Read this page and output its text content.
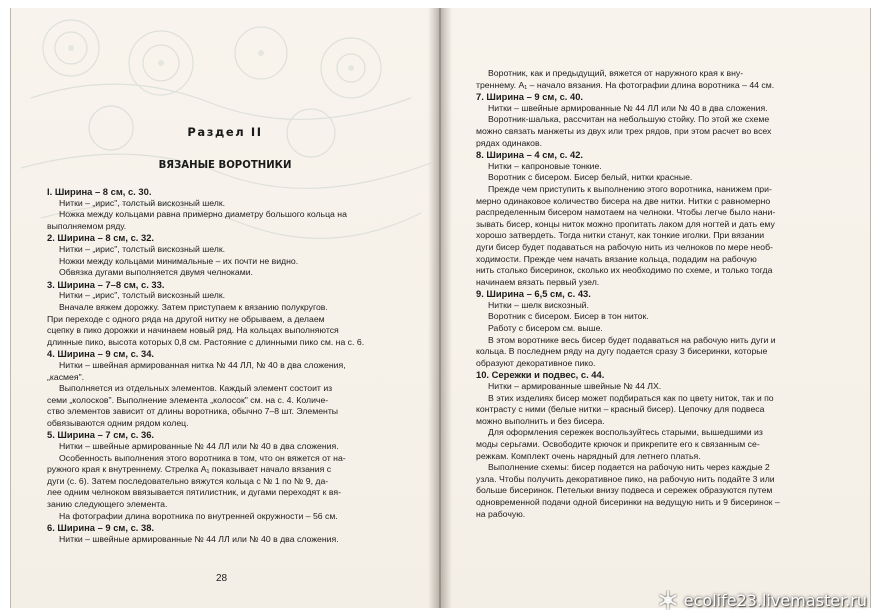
Раздел II
ВЯЗАНЫЕ ВОРОТНИКИ
I. Ширина – 8 см, с. 30.
Нитки – „ирис", толстый вискозный шелк.
Ножка между кольцами равна примерно диаметру большого кольца на
выполняемом ряду.
2. Ширина – 8 см, с. 32.
Нитки – „ирис", толстый вискозный шелк.
Ножки между кольцами минимальные – их почти не видно.
Обвязка дугами выполняется двумя челноками.
3. Ширина – 7–8 см, с. 33.
Нитки – „ирис", толстый вискозный шелк.
Вначале вяжем дорожку. Затем приступаем к вязанию полукругов.
При переходе с одного ряда на другой нитку не обрываем, а делаем
сцепку в пико дорожки и начинаем новый ряд. На кольцах выполняются
длинные пико, высота которых 0,8 см. Растояние с длинными пико см. на с. 6.
4. Ширина – 9 см, с. 34.
Нитки – швейная армированная нитка № 44 ЛЛ, № 40 в два сложения,
„касмея".
Выполняется из отдельных элементов. Каждый элемент состоит из
семи „колосков". Выполнение элемента „колосок" см. на с. 4. Количе-
ство элементов зависит от длины воротника, обычно 7–8 шт. Элементы
обвязываются одним рядом колец.
5. Ширина – 7 см, с. 36.
Нитки – швейные армированные № 44 ЛЛ или № 40 в два сложения.
Особенность выполнения этого воротника в том, что он вяжется от на-
ружного края к внутреннему. Стрелка А₁ показывает начало вязания с
дуги (с. 6). Затем последовательно вяжутся кольца с № 1 по № 9, да-
лее одним челноком ввязывается пятилистник, и дугами переходят к вя-
занию следующего элемента.
На фотографии длина воротника по внутренней окружности – 56 см.
6. Ширина – 9 см, с. 38.
Нитки – швейные армированные № 44 ЛЛ или № 40 в два сложения.
28
Воротник, как и предыдущий, вяжется от наружного края к вну-
треннему. А₁ – начало вязания. На фотографии длина воротника – 44 см.
7. Ширина – 9 см, с. 40.
Нитки – швейные армированные № 44 ЛЛ или № 40 в два сложения.
Воротник-шалька, рассчитан на небольшую стойку. По этой же схеме
можно связать манжеты из двух или трех рядов, при этом расчет во всех
рядах одинаков.
8. Ширина – 4 см, с. 42.
Нитки – капроновые тонкие.
Воротник с бисером. Бисер белый, нитки красные.
Прежде чем приступить к выполнению этого воротника, нанижем при-
мерно одинаковое количество бисера на две нитки. Нитки с равномерно
распределенным бисером намотаем на челноки. Чтобы легче было нани-
зывать бисер, концы ниток можно пропитать лаком для ногтей и дать ему
хорошо затвердеть. Тогда нитки станут, как тонкие иголки. При вязании
дуги бисер будет подаваться на рабочую нить из челноков по мере необ-
ходимости. Прежде чем начать вязание кольца, подадим на рабочую
нить столько бисеринок, сколько их необходимо по схеме, и только тогда
начинаем вязать первый узел.
9. Ширина – 6,5 см, с. 43.
Нитки – шелк вискозный.
Воротник с бисером. Бисер в тон ниток.
Работу с бисером см. выше.
В этом воротнике весь бисер будет подаваться на рабочую нить дуги и
кольца. В последнем ряду на дугу подается сразу 3 бисеринки, которые
образуют декоративное пико.
10. Сережки и подвес, с. 44.
Нитки – армированные швейные № 44 ЛХ.
В этих изделиях бисер может подбираться как по цвету ниток, так и по
контрасту с ними (белые нитки – красный бисер). Цепочку для подвеса
можно выполнить и без бисера.
Для оформления сережек воспользуйтесь старыми, вышедшими из
моды серьгами. Освободите крючок и прикрепите его к связанным се-
режкам. Комплект очень нарядный для летнего платья.
Выполнение схемы: бисер подается на рабочую нить через каждые 2
узла. Чтобы получить декоративное пико, на рабочую нить подайте 3 или
больше бисеринок. Петельки внизу подвеса и сережек образуются путем
одновременной подачи одной бисеринки на ведущую нить и 9 бисеринок –
на рабочую.
ecolife23.livemaster.ru
